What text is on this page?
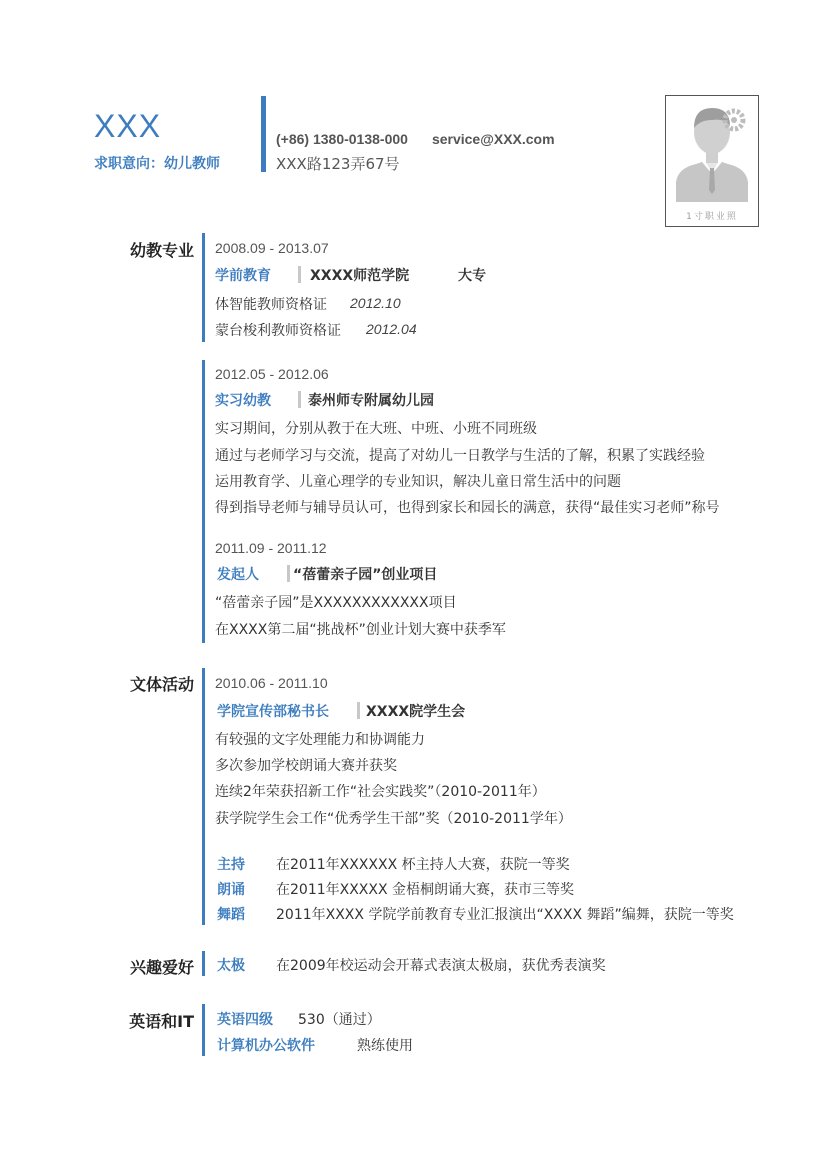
XXX
求职意向：幼儿教师
(+86) 1380-0138-000 service@XXX.com
XXX路123弄67号
1寸职业照
幼教专业 2008.09 - 2013.07
学前教育	XXXX师范学院	大专
体智能教师资格证 2012.10
蒙台梭利教师资格证 2012.04
2012.05 - 2012.06
实习幼教	泰州师专附属幼儿园
实习期间，分别从教于在大班、中班、小班不同班级
通过与老师学习与交流，提高了对幼儿一日教学与生活的了解，积累了实践经验
运用教育学、儿童心理学的专业知识，解决儿童日常生活中的问题
得到指导老师与辅导员认可，也得到家长和园长的满意，获得“最佳实习老师”称号
2011.09 - 2011.12
发起人 “蓓蕾亲子园”创业项目
“蓓蕾亲子园”是XXXXXXXXXXXX项目
在XXXX第二届“挑战杯”创业计划大赛中获季军
文体活动 2010.06 - 2011.10
学院宣传部秘书长	XXXX院学生会
有较强的文字处理能力和协调能力
多次参加学校朗诵大赛并获奖
连续2年荣获招新工作“社会实践奖”（2010-2011年）
获学院学生会工作“优秀学生干部”奖（2010-2011学年）
主持 在2011年XXXXXX 杯主持人大赛，获院一等奖
朗诵 在2011年XXXXX 金梧桐朗诵大赛，获市三等奖
舞蹈 2011年XXXX 学院学前教育专业汇报演出“XXXX 舞蹈”编舞，获院一等奖
兴趣爱好 太极 在2009年校运动会开幕式表演太极扇，获优秀表演奖
英语和IT 英语四级 530（通过）
计算机办公软件	熟练使用
